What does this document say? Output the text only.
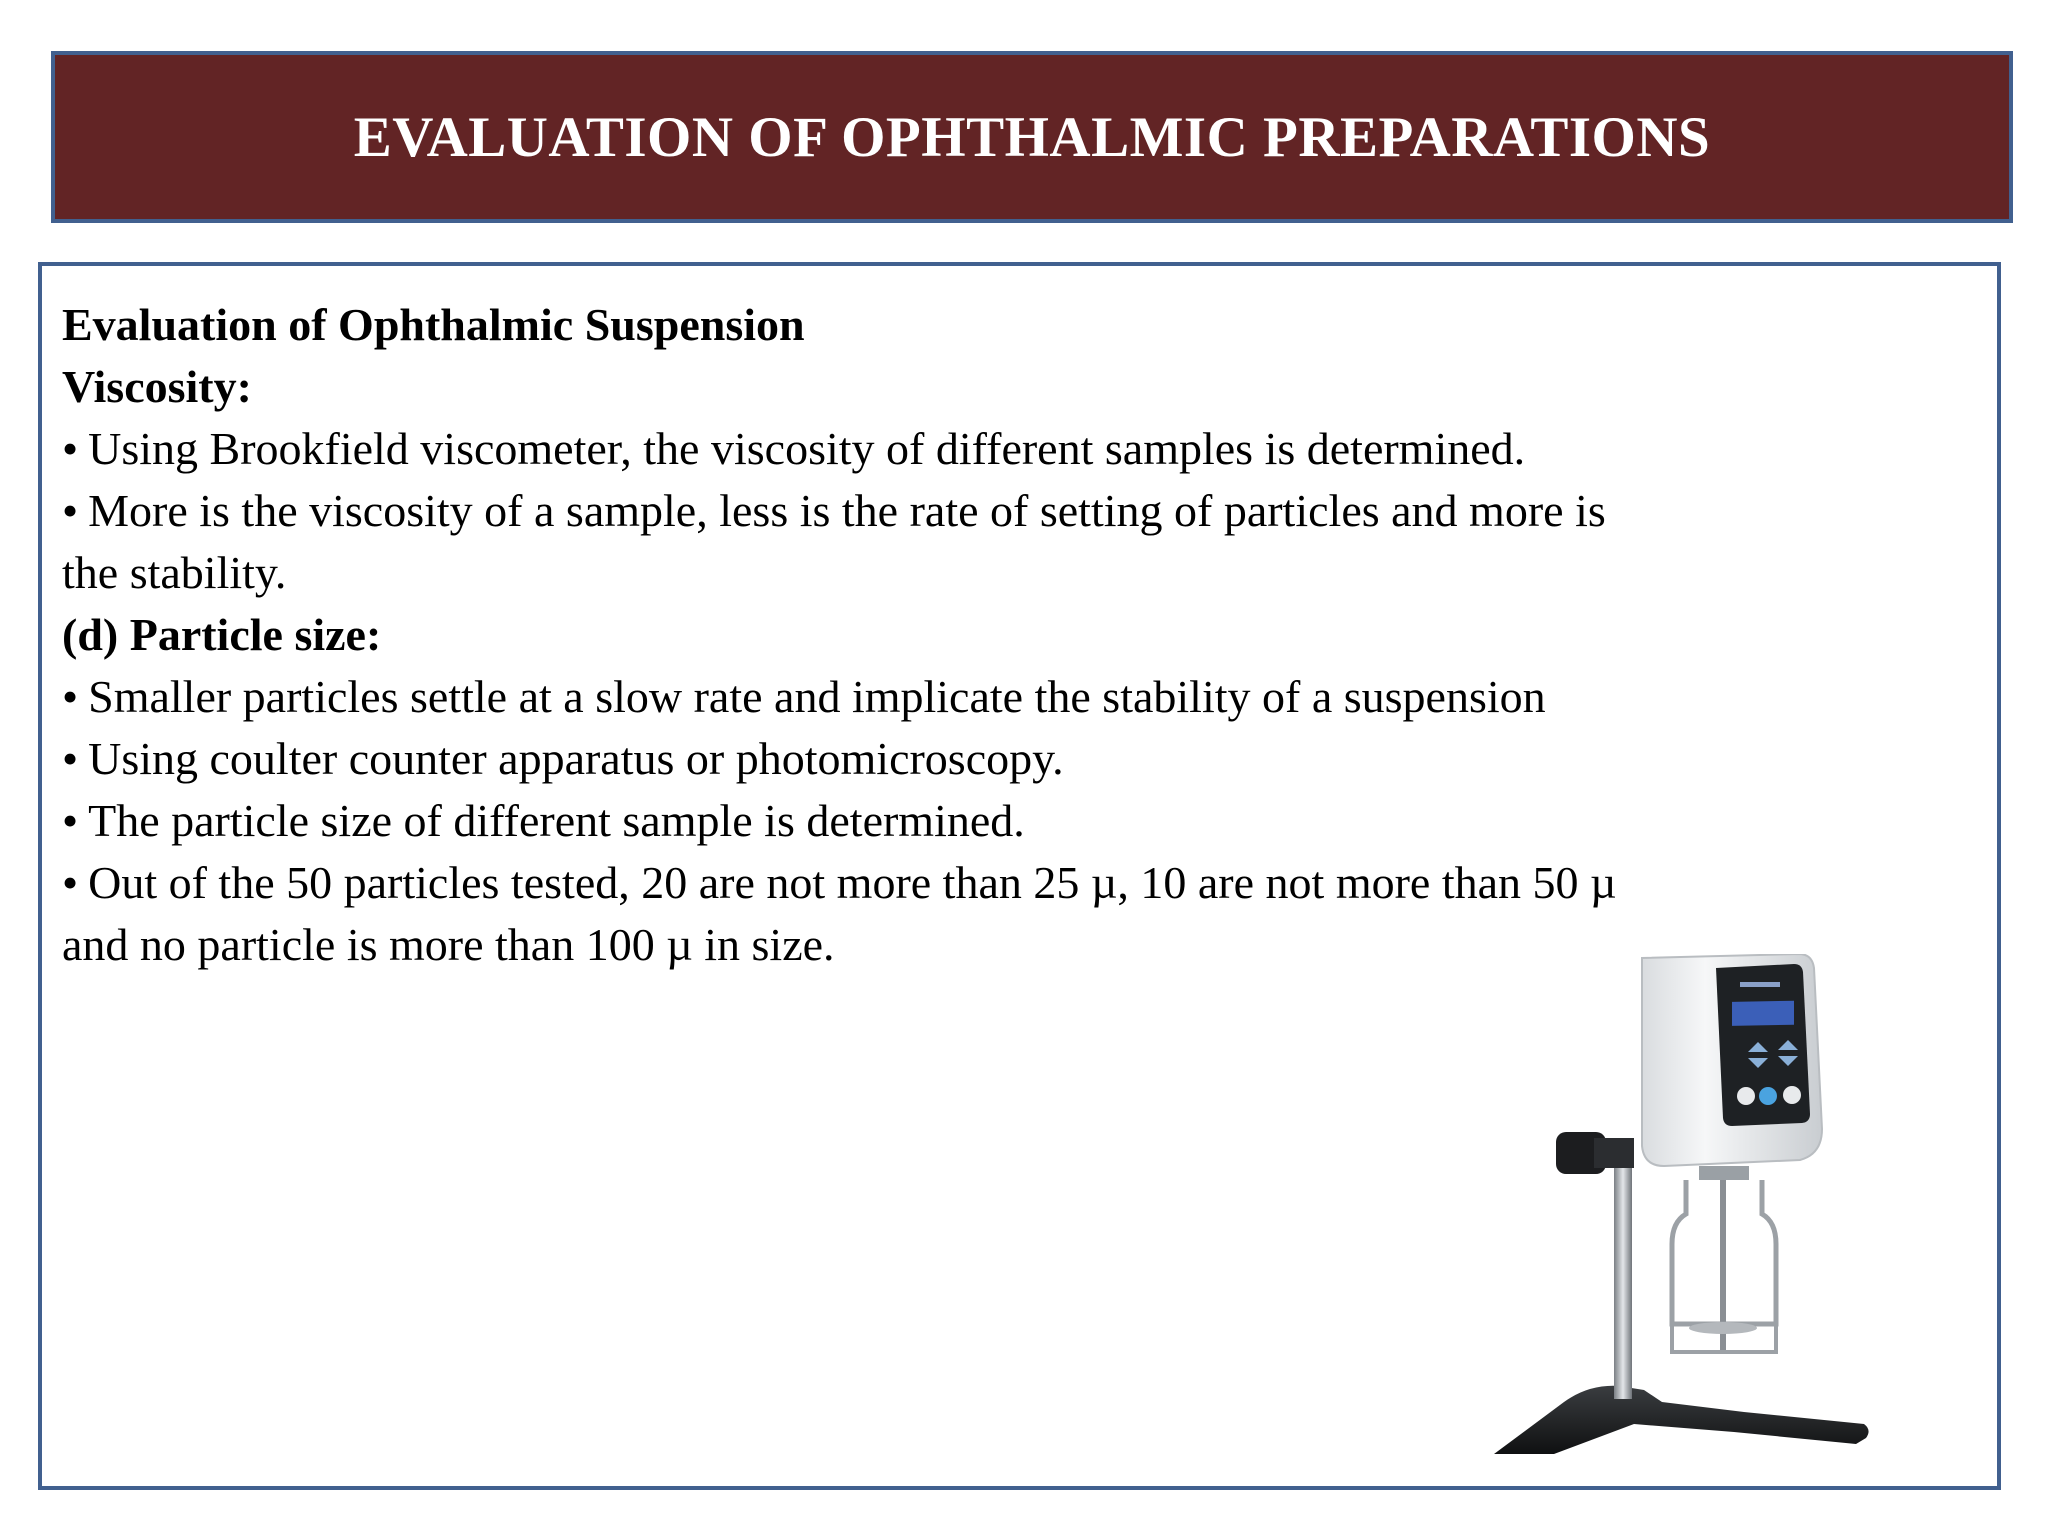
EVALUATION OF OPHTHALMIC PREPARATIONS
Evaluation of Ophthalmic Suspension
Viscosity:
• Using Brookfield viscometer, the viscosity of different samples is determined.
• More is the viscosity of a sample, less is the rate of setting of particles and more is
the stability.
(d) Particle size:
• Smaller particles settle at a slow rate and implicate the stability of a suspension
• Using coulter counter apparatus or photomicroscopy.
• The particle size of different sample is determined.
• Out of the 50 particles tested, 20 are not more than 25 µ, 10 are not more than 50 µ
and no particle is more than 100 µ in size.
